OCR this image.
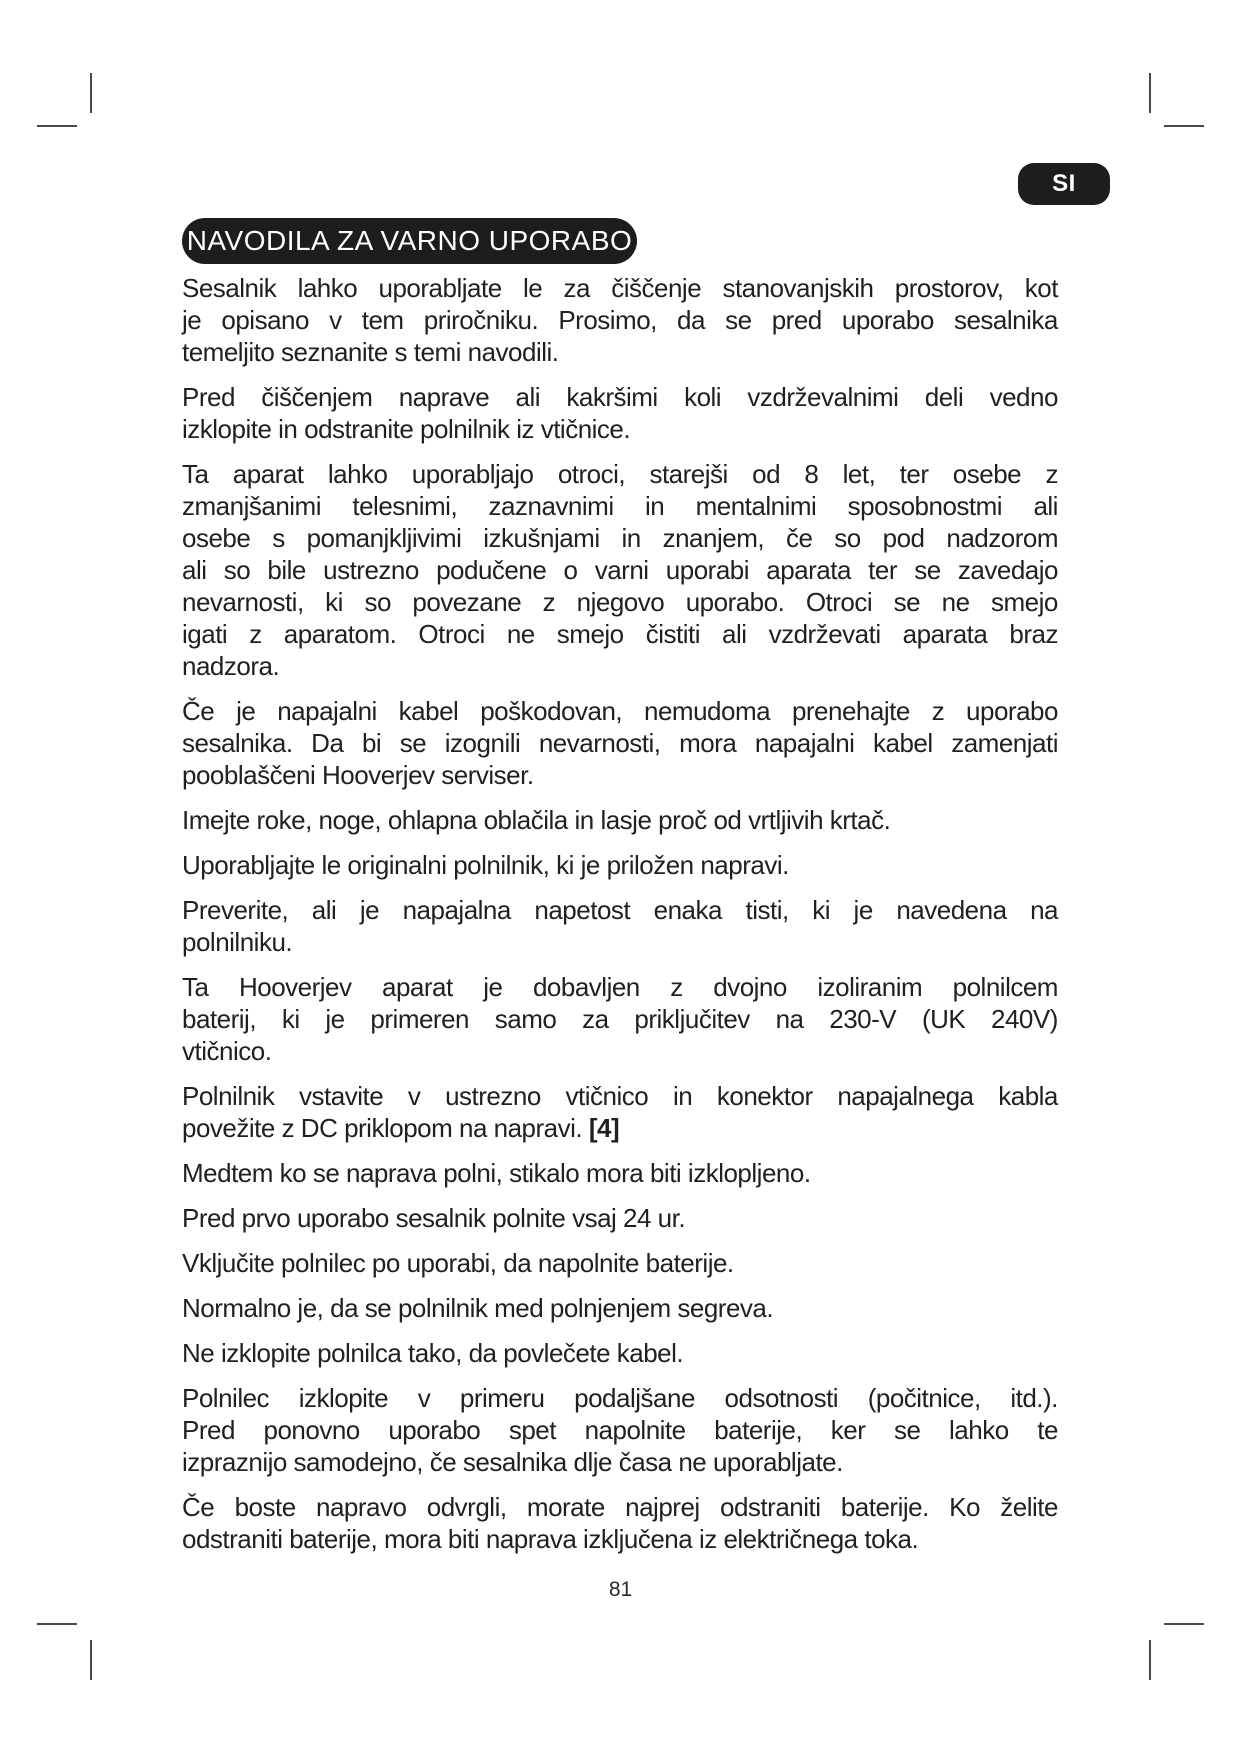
SI
NAVODILA ZA VARNO UPORABO
Sesalnik lahko uporabljate le za čiščenje stanovanjskih prostorov, kot
je opisano v tem priročniku. Prosimo, da se pred uporabo sesalnika
temeljito seznanite s temi navodili.
Pred čiščenjem naprave ali kakršimi koli vzdrževalnimi deli vedno
izklopite in odstranite polnilnik iz vtičnice.
Ta aparat lahko uporabljajo otroci, starejši od 8 let, ter osebe z
zmanjšanimi telesnimi, zaznavnimi in mentalnimi sposobnostmi ali
osebe s pomanjkljivimi izkušnjami in znanjem, če so pod nadzorom
ali so bile ustrezno podučene o varni uporabi aparata ter se zavedajo
nevarnosti, ki so povezane z njegovo uporabo. Otroci se ne smejo
igati z aparatom. Otroci ne smejo čistiti ali vzdrževati aparata braz
nadzora.
Če je napajalni kabel poškodovan, nemudoma prenehajte z uporabo
sesalnika. Da bi se izognili nevarnosti, mora napajalni kabel zamenjati
pooblaščeni Hooverjev serviser.
Imejte roke, noge, ohlapna oblačila in lasje proč od vrtljivih krtač.
Uporabljajte le originalni polnilnik, ki je priložen napravi.
Preverite, ali je napajalna napetost enaka tisti, ki je navedena na
polnilniku.
Ta Hooverjev aparat je dobavljen z dvojno izoliranim polnilcem
baterij, ki je primeren samo za priključitev na 230-V (UK 240V)
vtičnico.
Polnilnik vstavite v ustrezno vtičnico in konektor napajalnega kabla
povežite z DC priklopom na napravi. [4]
Medtem ko se naprava polni, stikalo mora biti izklopljeno.
Pred prvo uporabo sesalnik polnite vsaj 24 ur.
Vključite polnilec po uporabi, da napolnite baterije.
Normalno je, da se polnilnik med polnjenjem segreva.
Ne izklopite polnilca tako, da povlečete kabel.
Polnilec izklopite v primeru podaljšane odsotnosti (počitnice, itd.).
Pred ponovno uporabo spet napolnite baterije, ker se lahko te
izpraznijo samodejno, če sesalnika dlje časa ne uporabljate.
Če boste napravo odvrgli, morate najprej odstraniti baterije. Ko želite
odstraniti baterije, mora biti naprava izključena iz električnega toka.
81
